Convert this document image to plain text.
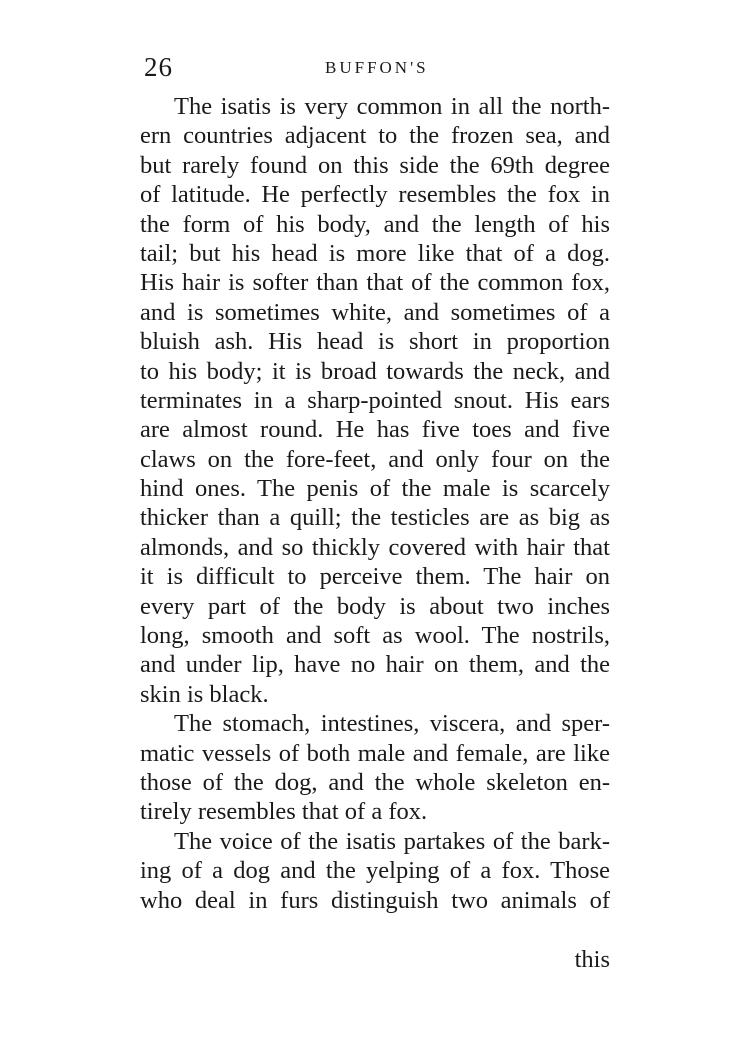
26	BUFFON'S
The isatis is very common in all the north-
ern countries adjacent to the frozen sea, and
but rarely found on this side the 69th degree
of latitude. He perfectly resembles the fox in
the form of his body, and the length of his
tail; but his head is more like that of a dog.
His hair is softer than that of the common fox,
and is sometimes white, and sometimes of a
bluish ash. His head is short in proportion
to his body; it is broad towards the neck, and
terminates in a sharp-pointed snout. His ears
are almost round. He has five toes and five
claws on the fore-feet, and only four on the
hind ones. The penis of the male is scarcely
thicker than a quill; the testicles are as big as
almonds, and so thickly covered with hair that
it is difficult to perceive them. The hair on
every part of the body is about two inches
long, smooth and soft as wool. The nostrils,
and under lip, have no hair on them, and the
skin is black.
The stomach, intestines, viscera, and sper-
matic vessels of both male and female, are like
those of the dog, and the whole skeleton en-
tirely resembles that of a fox.
The voice of the isatis partakes of the bark-
ing of a dog and the yelping of a fox. Those
who deal in furs distinguish two animals of
this
